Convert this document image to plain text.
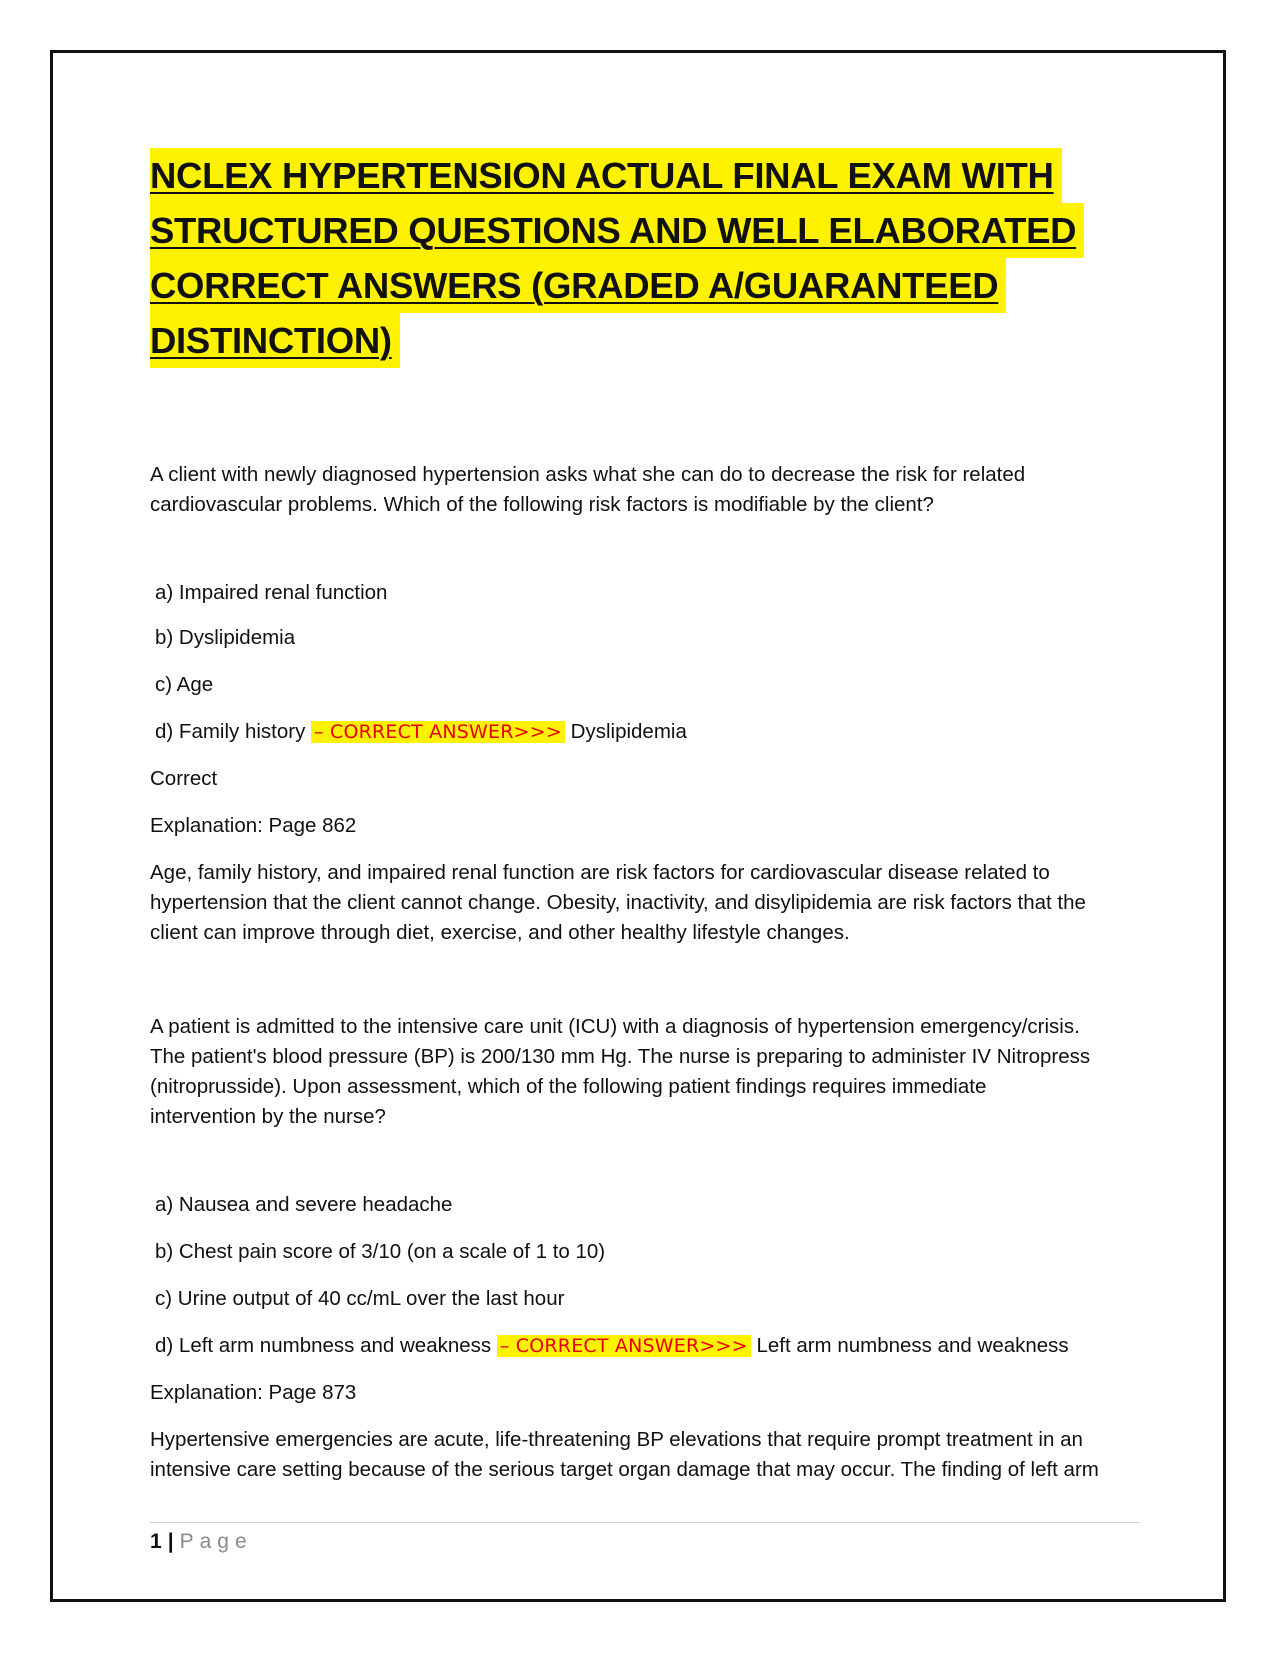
NCLEX HYPERTENSION ACTUAL FINAL EXAM WITH
STRUCTURED QUESTIONS AND WELL ELABORATED
CORRECT ANSWERS (GRADED A/GUARANTEED
DISTINCTION)

A client with newly diagnosed hypertension asks what she can do to decrease the risk for related
cardiovascular problems. Which of the following risk factors is modifiable by the client?

a) Impaired renal function

b) Dyslipidemia

c) Age

d) Family history – CORRECT ANSWER>>> Dyslipidemia

Correct

Explanation: Page 862

Age, family history, and impaired renal function are risk factors for cardiovascular disease related to
hypertension that the client cannot change. Obesity, inactivity, and disylipidemia are risk factors that the
client can improve through diet, exercise, and other healthy lifestyle changes.

A patient is admitted to the intensive care unit (ICU) with a diagnosis of hypertension emergency/crisis.
The patient's blood pressure (BP) is 200/130 mm Hg. The nurse is preparing to administer IV Nitropress
(nitroprusside). Upon assessment, which of the following patient findings requires immediate
intervention by the nurse?

a) Nausea and severe headache

b) Chest pain score of 3/10 (on a scale of 1 to 10)

c) Urine output of 40 cc/mL over the last hour

d) Left arm numbness and weakness – CORRECT ANSWER>>> Left arm numbness and weakness

Explanation: Page 873

Hypertensive emergencies are acute, life-threatening BP elevations that require prompt treatment in an
intensive care setting because of the serious target organ damage that may occur. The finding of left arm

1 | Page
